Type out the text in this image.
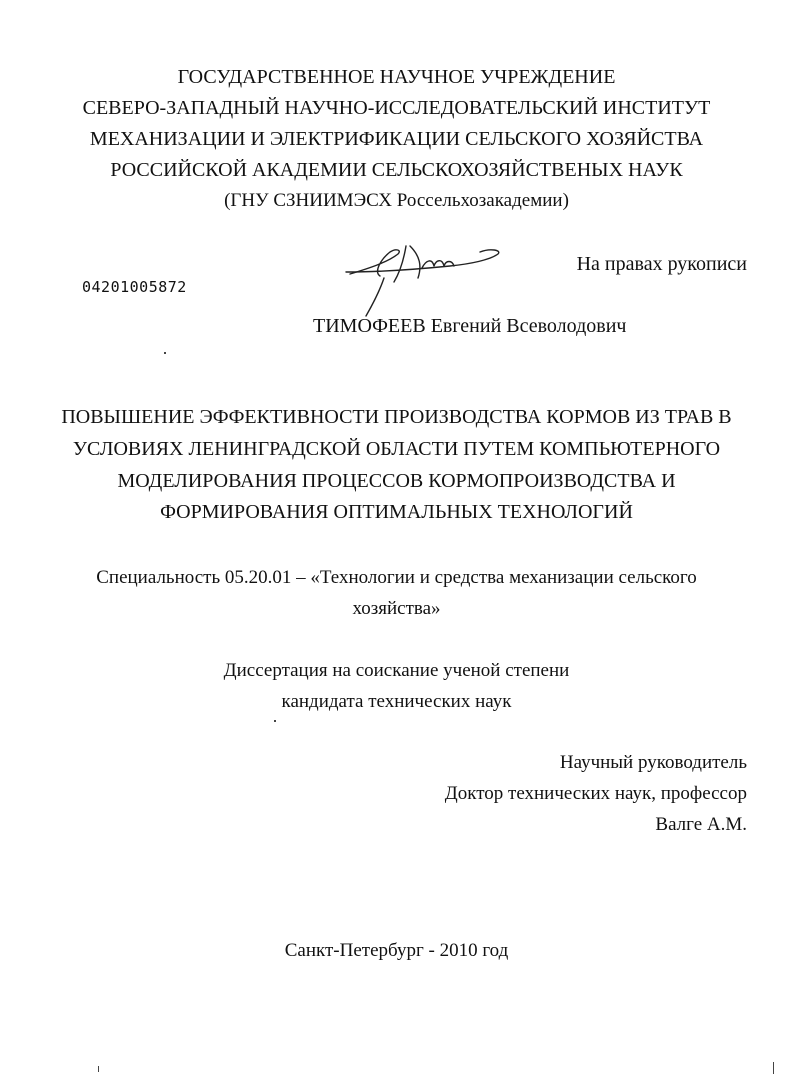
ГОСУДАРСТВЕННОЕ НАУЧНОЕ УЧРЕЖДЕНИЕ
СЕВЕРО-ЗАПАДНЫЙ НАУЧНО-ИССЛЕДОВАТЕЛЬСКИЙ ИНСТИТУТ
МЕХАНИЗАЦИИ И ЭЛЕКТРИФИКАЦИИ СЕЛЬСКОГО ХОЗЯЙСТВА
РОССИЙСКОЙ АКАДЕМИИ СЕЛЬСКОХОЗЯЙСТВЕНЫХ НАУК
(ГНУ СЗНИИМЭСХ Россельхозакадемии)
04201005872
На правах рукописи
ТИМОФЕЕВ Евгений Всеволодович
ПОВЫШЕНИЕ ЭФФЕКТИВНОСТИ ПРОИЗВОДСТВА КОРМОВ ИЗ ТРАВ В
УСЛОВИЯХ ЛЕНИНГРАДСКОЙ ОБЛАСТИ ПУТЕМ КОМПЬЮТЕРНОГО
МОДЕЛИРОВАНИЯ ПРОЦЕССОВ КОРМОПРОИЗВОДСТВА И
ФОРМИРОВАНИЯ ОПТИМАЛЬНЫХ ТЕХНОЛОГИЙ
Специальность 05.20.01 – «Технологии и средства механизации сельского
хозяйства»
Диссертация на соискание ученой степени
кандидата технических наук
Научный руководитель
Доктор технических наук, профессор
Валге А.М.
Санкт-Петербург - 2010 год
